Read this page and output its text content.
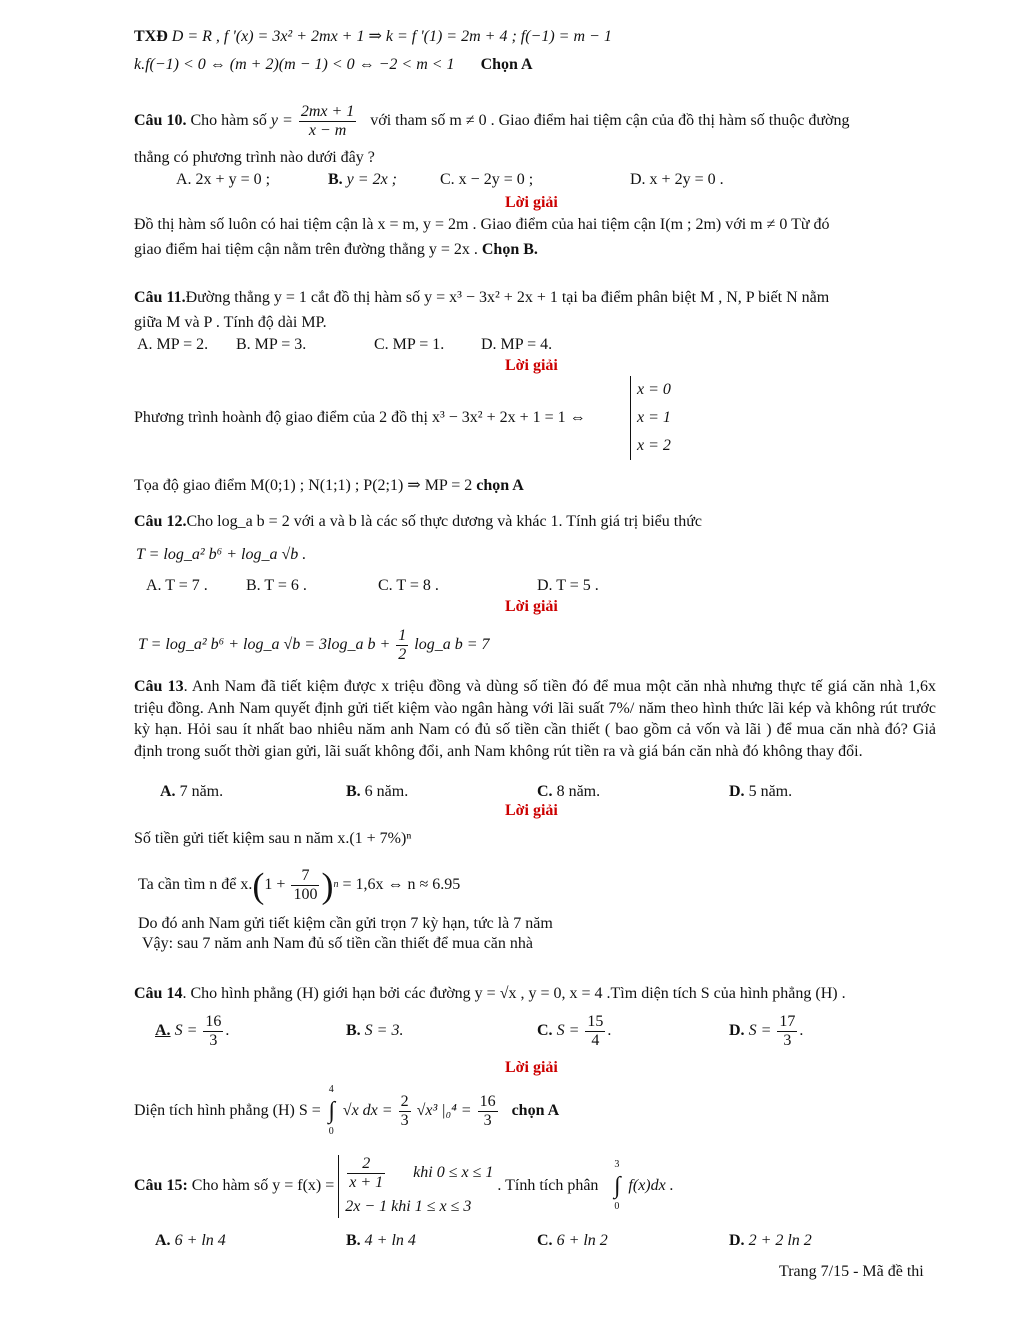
TXĐ D = R , f '(x) = 3x² + 2mx + 1 ⇒ k = f '(1) = 2m + 4 ; f(−1) = m − 1
k.f(−1) < 0 ⇔ (m + 2)(m − 1) < 0 ⇔ −2 < m < 1 Chọn A
Câu 10. Cho hàm số $y = \frac{2mx + 1}{x - m}$ với tham số m ≠ 0 . Giao điểm hai tiệm cận của đồ thị hàm số thuộc đường
thẳng có phương trình nào dưới đây ?
A. 2x + y = 0 ;	B. y = 2x ;	C. x − 2y = 0 ;	D. x + 2y = 0 .
Lời giải
Đồ thị hàm số luôn có hai tiệm cận là x = m, y = 2m . Giao điểm của hai tiệm cận I(m ; 2m) với m ≠ 0 Từ đó
giao điểm hai tiệm cận nằm trên đường thẳng y = 2x . Chọn B.
Câu 11.Đường thẳng y = 1 cắt đồ thị hàm số y = x³ − 3x² + 2x + 1 tại ba điểm phân biệt M , N, P biết N nằm
giữa M và P . Tính độ dài MP.
A. MP = 2. B. MP = 3.	C. MP = 1. D. MP = 4.
Lời giải
Phương trình hoành độ giao điểm của 2 đồ thị x³ − 3x² + 2x + 1 = 1 ⇔
x = 0
x = 1
x = 2
Tọa độ giao điểm M(0;1) ; N(1;1) ; P(2;1) ⇒ MP = 2 chọn A
Câu 12.Cho log_a b = 2 với a và b là các số thực dương và khác 1. Tính giá trị biểu thức
T = log_a² b⁶ + log_a √b .
A. T = 7 . B. T = 6 .	C. T = 8 .	D. T = 5 .
Lời giải
T = log_a² b⁶ + log_a √b = 3log_a $b + \frac{1}{2}$ log_a b = 7
Câu 13. Anh Nam đã tiết kiệm được x triệu đồng và dùng số tiền đó để mua một căn nhà nhưng thực tế giá căn nhà 1,6x triệu đồng. Anh Nam quyết định gửi tiết kiệm vào ngân hàng với lãi suất 7%/ năm theo hình thức lãi kép và không rút trước kỳ hạn. Hỏi sau ít nhất bao nhiêu năm anh Nam có đủ số tiền cần thiết ( bao gồm cả vốn và lãi ) để mua căn nhà đó? Giả định trong suốt thời gian gửi, lãi suất không đổi, anh Nam không rút tiền ra và giá bán căn nhà đó không thay đổi.
A. 7 năm.	B. 6 năm.	C. 8 năm.	D. 5 năm.
Lời giải
Số tiền gửi tiết kiệm sau n năm x.(1 + 7%)ⁿ
Ta cần tìm n để $x.(1 + \frac{7}{100} )^n = 1,6x$ ⇔ n ≈ 6.95
Do đó anh Nam gửi tiết kiệm cần gửi trọn 7 kỳ hạn, tức là 7 năm
Vậy: sau 7 năm anh Nam đủ số tiền cần thiết để mua căn nhà
Câu 14. Cho hình phẳng (H) giới hạn bởi các đường y = √x , y = 0, x = 4 .Tìm diện tích S của hình phẳng (H) .
A. $S = \frac{16}{3}$ .	B. S = 3.	C. $S = \frac{15}{4}$ .	D. $S = \frac{17}{3}$ .
Lời giải
Diện tích hình phẳng (H) S = ∫
4
0
√x dx = $\frac{2}{3} √x^3$ $|_0^4 = \frac{16}{3}$ chọn A
Câu 15: Cho hàm số $y = f(x) = \frac{2}{x + 1}$ khi 0 ≤ x ≤ 1
2x − 1 khi 1 ≤ x ≤ 3
. Tính tích phân ∫
3
0
f(x)dx .
A. 6 + ln 4	B. 4 + ln 4	C. 6 + ln 2	D. 2 + 2 ln 2
Trang 7/15 - Mã đề thi
